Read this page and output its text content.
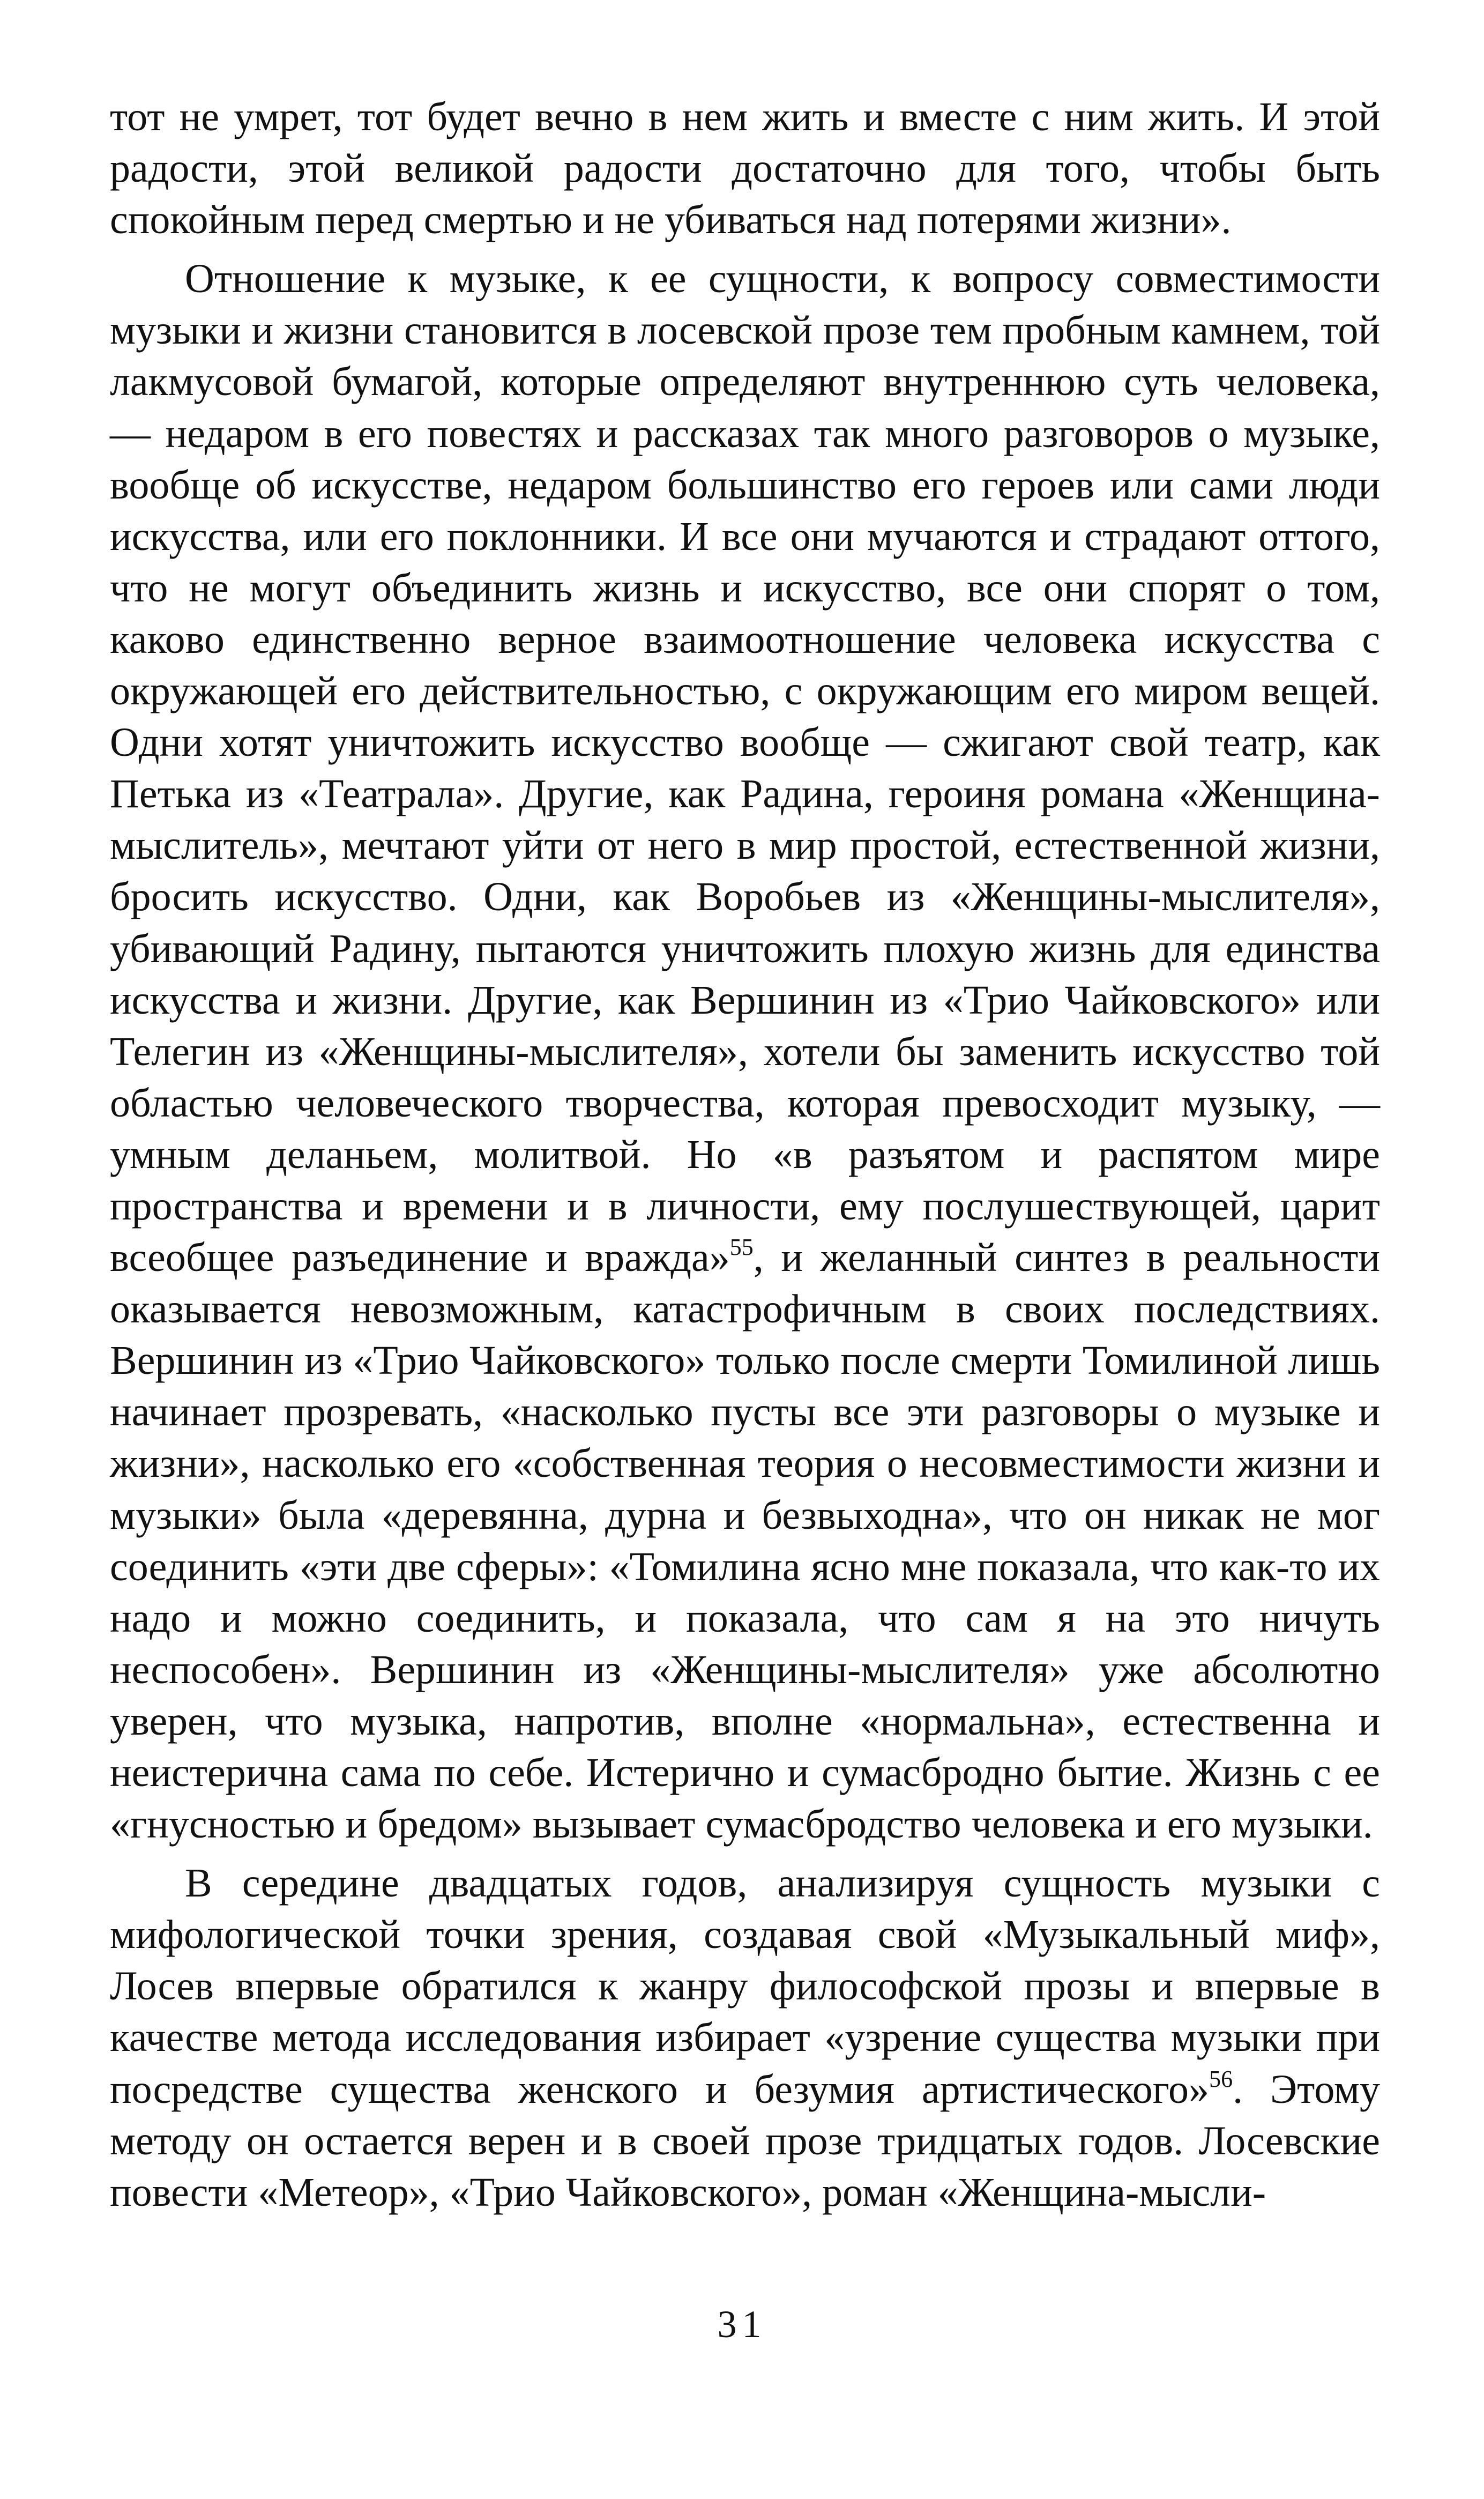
тот не умрет, тот будет вечно в нем жить и вместе с ним жить. И этой радости, этой великой радости достаточно для того, чтобы быть спокойным перед смертью и не убиваться над потерями жизни».

Отношение к музыке, к ее сущности, к вопросу совместимости музыки и жизни становится в лосевской прозе тем пробным камнем, той лакмусовой бумагой, которые определяют внутреннюю суть человека, — недаром в его повестях и рассказах так много разговоров о музыке, вообще об искусстве, недаром большинство его героев или сами люди искусства, или его поклонники. И все они мучаются и страдают оттого, что не могут объединить жизнь и искусство, все они спорят о том, каково единственно верное взаимоотношение человека искусства с окружающей его действительностью, с окружающим его миром вещей. Одни хотят уничтожить искусство вообще — сжигают свой театр, как Петька из «Театрала». Другие, как Радина, героиня романа «Женщина-мыслитель», мечтают уйти от него в мир простой, естественной жизни, бросить искусство. Одни, как Воробьев из «Женщины-мыслителя», убивающий Радину, пытаются уничтожить плохую жизнь для единства искусства и жизни. Другие, как Вершинин из «Трио Чайковского» или Телегин из «Женщины-мыслителя», хотели бы заменить искусство той областью человеческого творчества, которая превосходит музыку, — умным деланьем, молитвой. Но «в разъятом и распятом мире пространства и времени и в личности, ему послушествующей, царит всеобщее разъединение и вражда»$^{55}$, и желанный синтез в реальности оказывается невозможным, катастрофичным в своих последствиях. Вершинин из «Трио Чайковского» только после смерти Томилиной лишь начинает прозревать, «насколько пусты все эти разговоры о музыке и жизни», насколько его «собственная теория о несовместимости жизни и музыки» была «деревянна, дурна и безвыходна», что он никак не мог соединить «эти две сферы»: «Томилина ясно мне показала, что как-то их надо и можно соединить, и показала, что сам я на это ничуть неспособен». Вершинин из «Женщины-мыслителя» уже абсолютно уверен, что музыка, напротив, вполне «нормальна», естественна и неистерична сама по себе. Истерично и сумасбродно бытие. Жизнь с ее «гнусностью и бредом» вызывает сумасбродство человека и его музыки.

В середине двадцатых годов, анализируя сущность музыки с мифологической точки зрения, создавая свой «Музыкальный миф», Лосев впервые обратился к жанру философской прозы и впервые в качестве метода исследования избирает «узрение существа музыки при посредстве существа женского и безумия артистического»$^{56}$. Этому методу он остается верен и в своей прозе тридцатых годов. Лосевские повести «Метеор», «Трио Чайковского», роман «Женщина-мысли-

31
